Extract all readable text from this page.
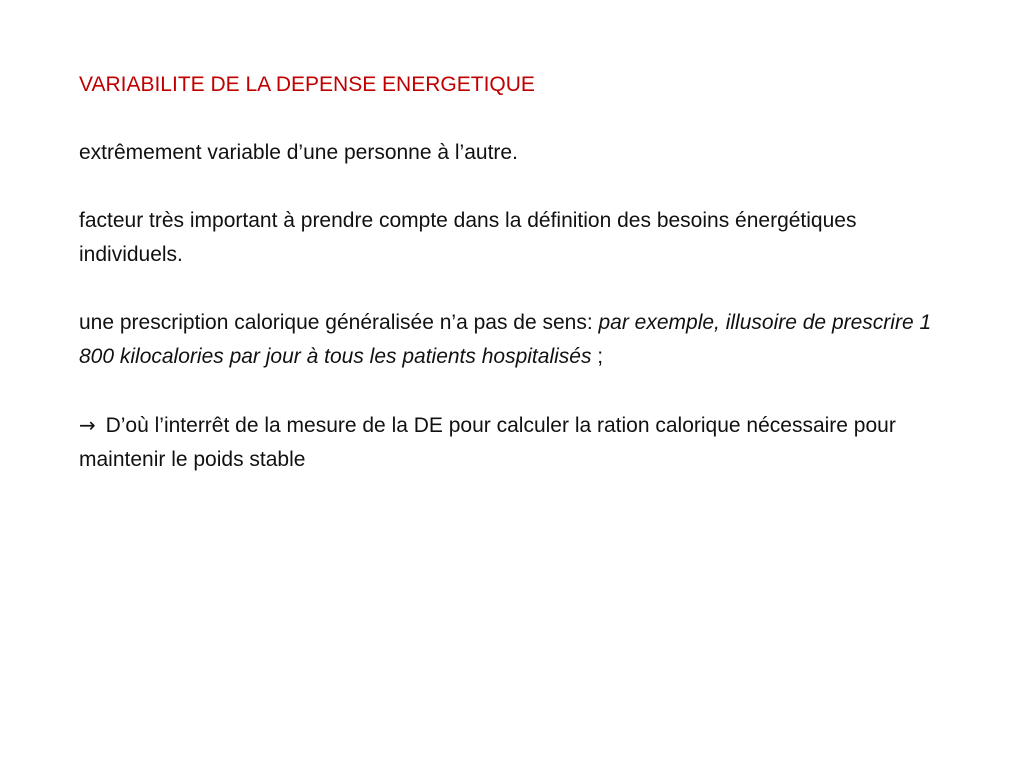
VARIABILITE DE LA DEPENSE ENERGETIQUE

extrêmement variable d’une personne à l’autre.

facteur très important à prendre compte dans la définition des besoins énergétiques individuels.

une prescription calorique généralisée n’a pas de sens: par exemple, illusoire de prescrire 1 800 kilocalories par jour à tous les patients hospitalisés ;

→ D’où l’interrêt de la mesure de la DE pour calculer la ration calorique nécessaire pour maintenir le poids stable
